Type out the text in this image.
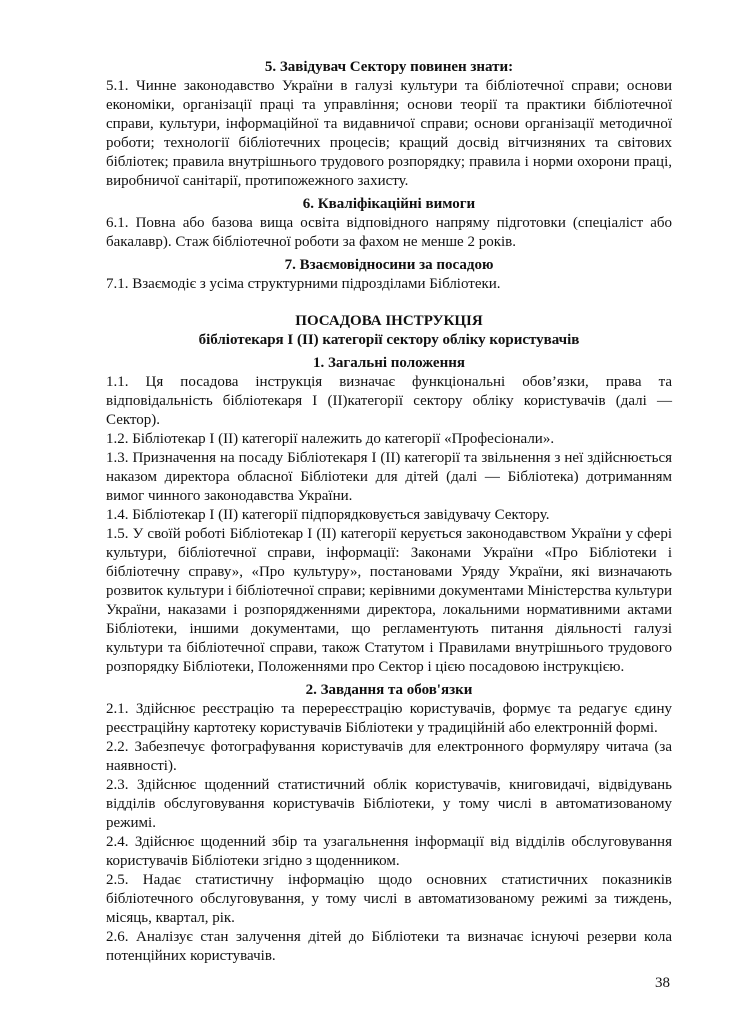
5. Завідувач Сектору повинен знати:

5.1. Чинне законодавство України в галузі культури та бібліотечної справи; основи економіки, організації праці та управління; основи теорії та практики бібліотечної справи, культури, інформаційної та видавничої справи; основи організації методичної роботи; технології бібліотечних процесів; кращий досвід вітчизняних та світових бібліотек; правила внутрішнього трудового розпорядку; правила і норми охорони праці, виробничої санітарії, протипожежного захисту.

6. Кваліфікаційні вимоги

6.1. Повна або базова вища освіта відповідного напряму підготовки (спеціаліст або бакалавр). Стаж бібліотечної роботи за фахом не менше 2 років.

7. Взаємовідносини за посадою

7.1. Взаємодіє з усіма структурними підрозділами Бібліотеки.

ПОСАДОВА ІНСТРУКЦІЯ

бібліотекаря І (ІІ) категорії сектору обліку користувачів

1. Загальні положення

1.1. Ця посадова інструкція визначає функціональні обов’язки, права та відповідальність бібліотекаря І (ІІ)категорії сектору обліку користувачів (далі — Сектор).

1.2. Бібліотекар І (ІІ) категорії належить до категорії «Професіонали».

1.3. Призначення на посаду Бібліотекаря І (ІІ) категорії та звільнення з неї здійснюється наказом директора обласної Бібліотеки для дітей (далі — Бібліотека) дотриманням вимог чинного законодавства України.

1.4. Бібліотекар І (ІІ) категорії підпорядковується завідувачу Сектору.

1.5. У своїй роботі Бібліотекар І (ІІ) категорії керується законодавством України у сфері культури, бібліотечної справи, інформації: Законами України «Про Бібліотеки і бібліотечну справу», «Про культуру», постановами Уряду України, які визначають розвиток культури і бібліотечної справи; керівними документами Міністерства культури України, наказами і розпорядженнями директора, локальними нормативними актами Бібліотеки, іншими документами, що регламентують питання діяльності галузі культури та бібліотечної справи, також Статутом і Правилами внутрішнього трудового розпорядку Бібліотеки, Положеннями про Сектор і цією посадовою інструкцією.

2. Завдання та обов'язки

2.1. Здійснює реєстрацію та перереєстрацію користувачів, формує та редагує єдину реєстраційну картотеку користувачів Бібліотеки у традиційній або електронній формі.

2.2. Забезпечує фотографування користувачів для електронного формуляру читача (за наявності).

2.3. Здійснює щоденний статистичний облік користувачів, книговидачі, відвідувань відділів обслуговування користувачів Бібліотеки, у тому числі в автоматизованому режимі.

2.4. Здійснює щоденний збір та узагальнення інформації від відділів обслуговування користувачів Бібліотеки згідно з щоденником.

2.5. Надає статистичну інформацію щодо основних статистичних показників бібліотечного обслуговування, у тому числі в автоматизованому режимі за тиждень, місяць, квартал, рік.

2.6. Аналізує стан залучення дітей до Бібліотеки та визначає існуючі резерви кола потенційних користувачів.

38
